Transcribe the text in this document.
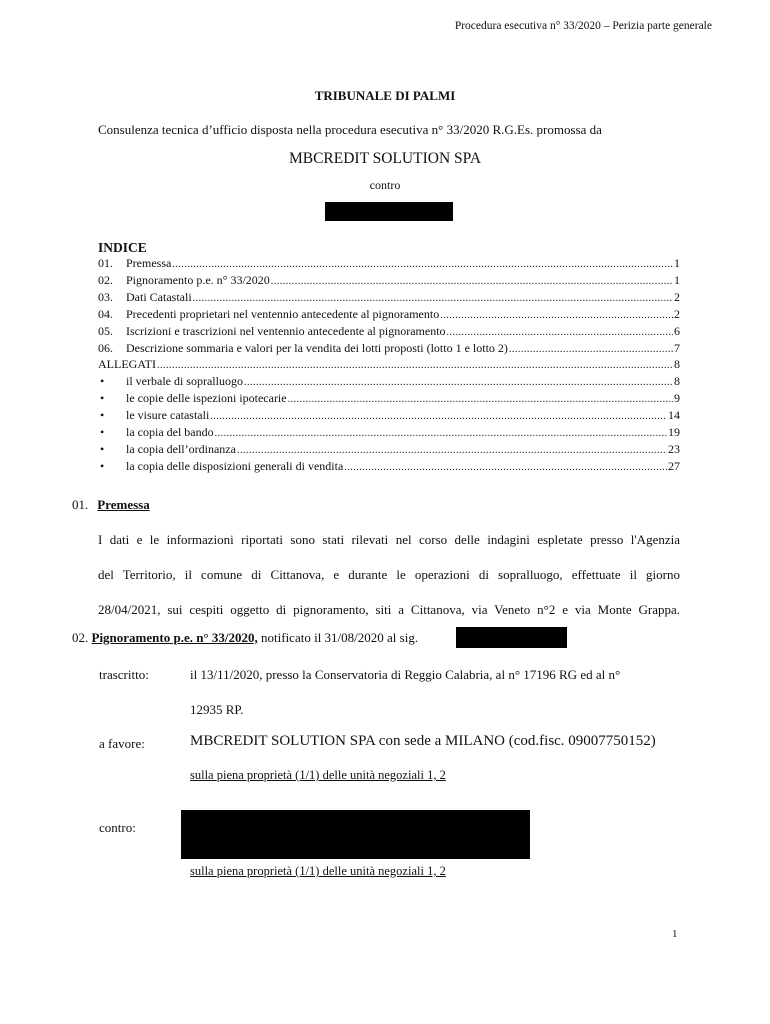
Procedura esecutiva n° 33/2020 – Perizia parte generale
TRIBUNALE DI PALMI
Consulenza tecnica d’ufficio disposta nella procedura esecutiva n° 33/2020 R.G.Es. promossa da
MBCREDIT SOLUTION SPA
contro
INDICE
01.	Premessa .....	1
02.	Pignoramento p.e. n° 33/2020 .....	1
03.	Dati Catastali .....	2
04.	Precedenti proprietari nel ventennio antecedente al pignoramento .....	2
05.	Iscrizioni e trascrizioni nel ventennio antecedente al pignoramento .....	6
06.	Descrizione sommaria e valori per la vendita dei lotti proposti (lotto 1 e lotto 2) .....	7
ALLEGATI .....	8
•	il verbale di sopralluogo .....	8
•	le copie delle ispezioni ipotecarie .....	9
•	le visure catastali .....	14
•	la copia del bando .....	19
•	la copia dell’ordinanza .....	23
•	la copia delle disposizioni generali di vendita .....	27
01. Premessa
I dati e le informazioni riportati sono stati rilevati nel corso delle indagini espletate presso l'Agenzia
del Territorio, il comune di Cittanova, e durante le operazioni di sopralluogo, effettuate il giorno
28/04/2021, sui cespiti oggetto di pignoramento, siti a Cittanova, via Veneto n°2 e via Monte Grappa.
02. Pignoramento p.e. n° 33/2020, notificato il 31/08/2020 al sig.
trascritto:	il 13/11/2020, presso la Conservatoria di Reggio Calabria, al n° 17196 RG ed al n°
12935 RP.
a favore:	MBCREDIT SOLUTION SPA con sede a MILANO (cod.fisc. 09007750152)
sulla piena proprietà (1/1) delle unità negoziali 1, 2
contro:
sulla piena proprietà (1/1) delle unità negoziali 1, 2
1
